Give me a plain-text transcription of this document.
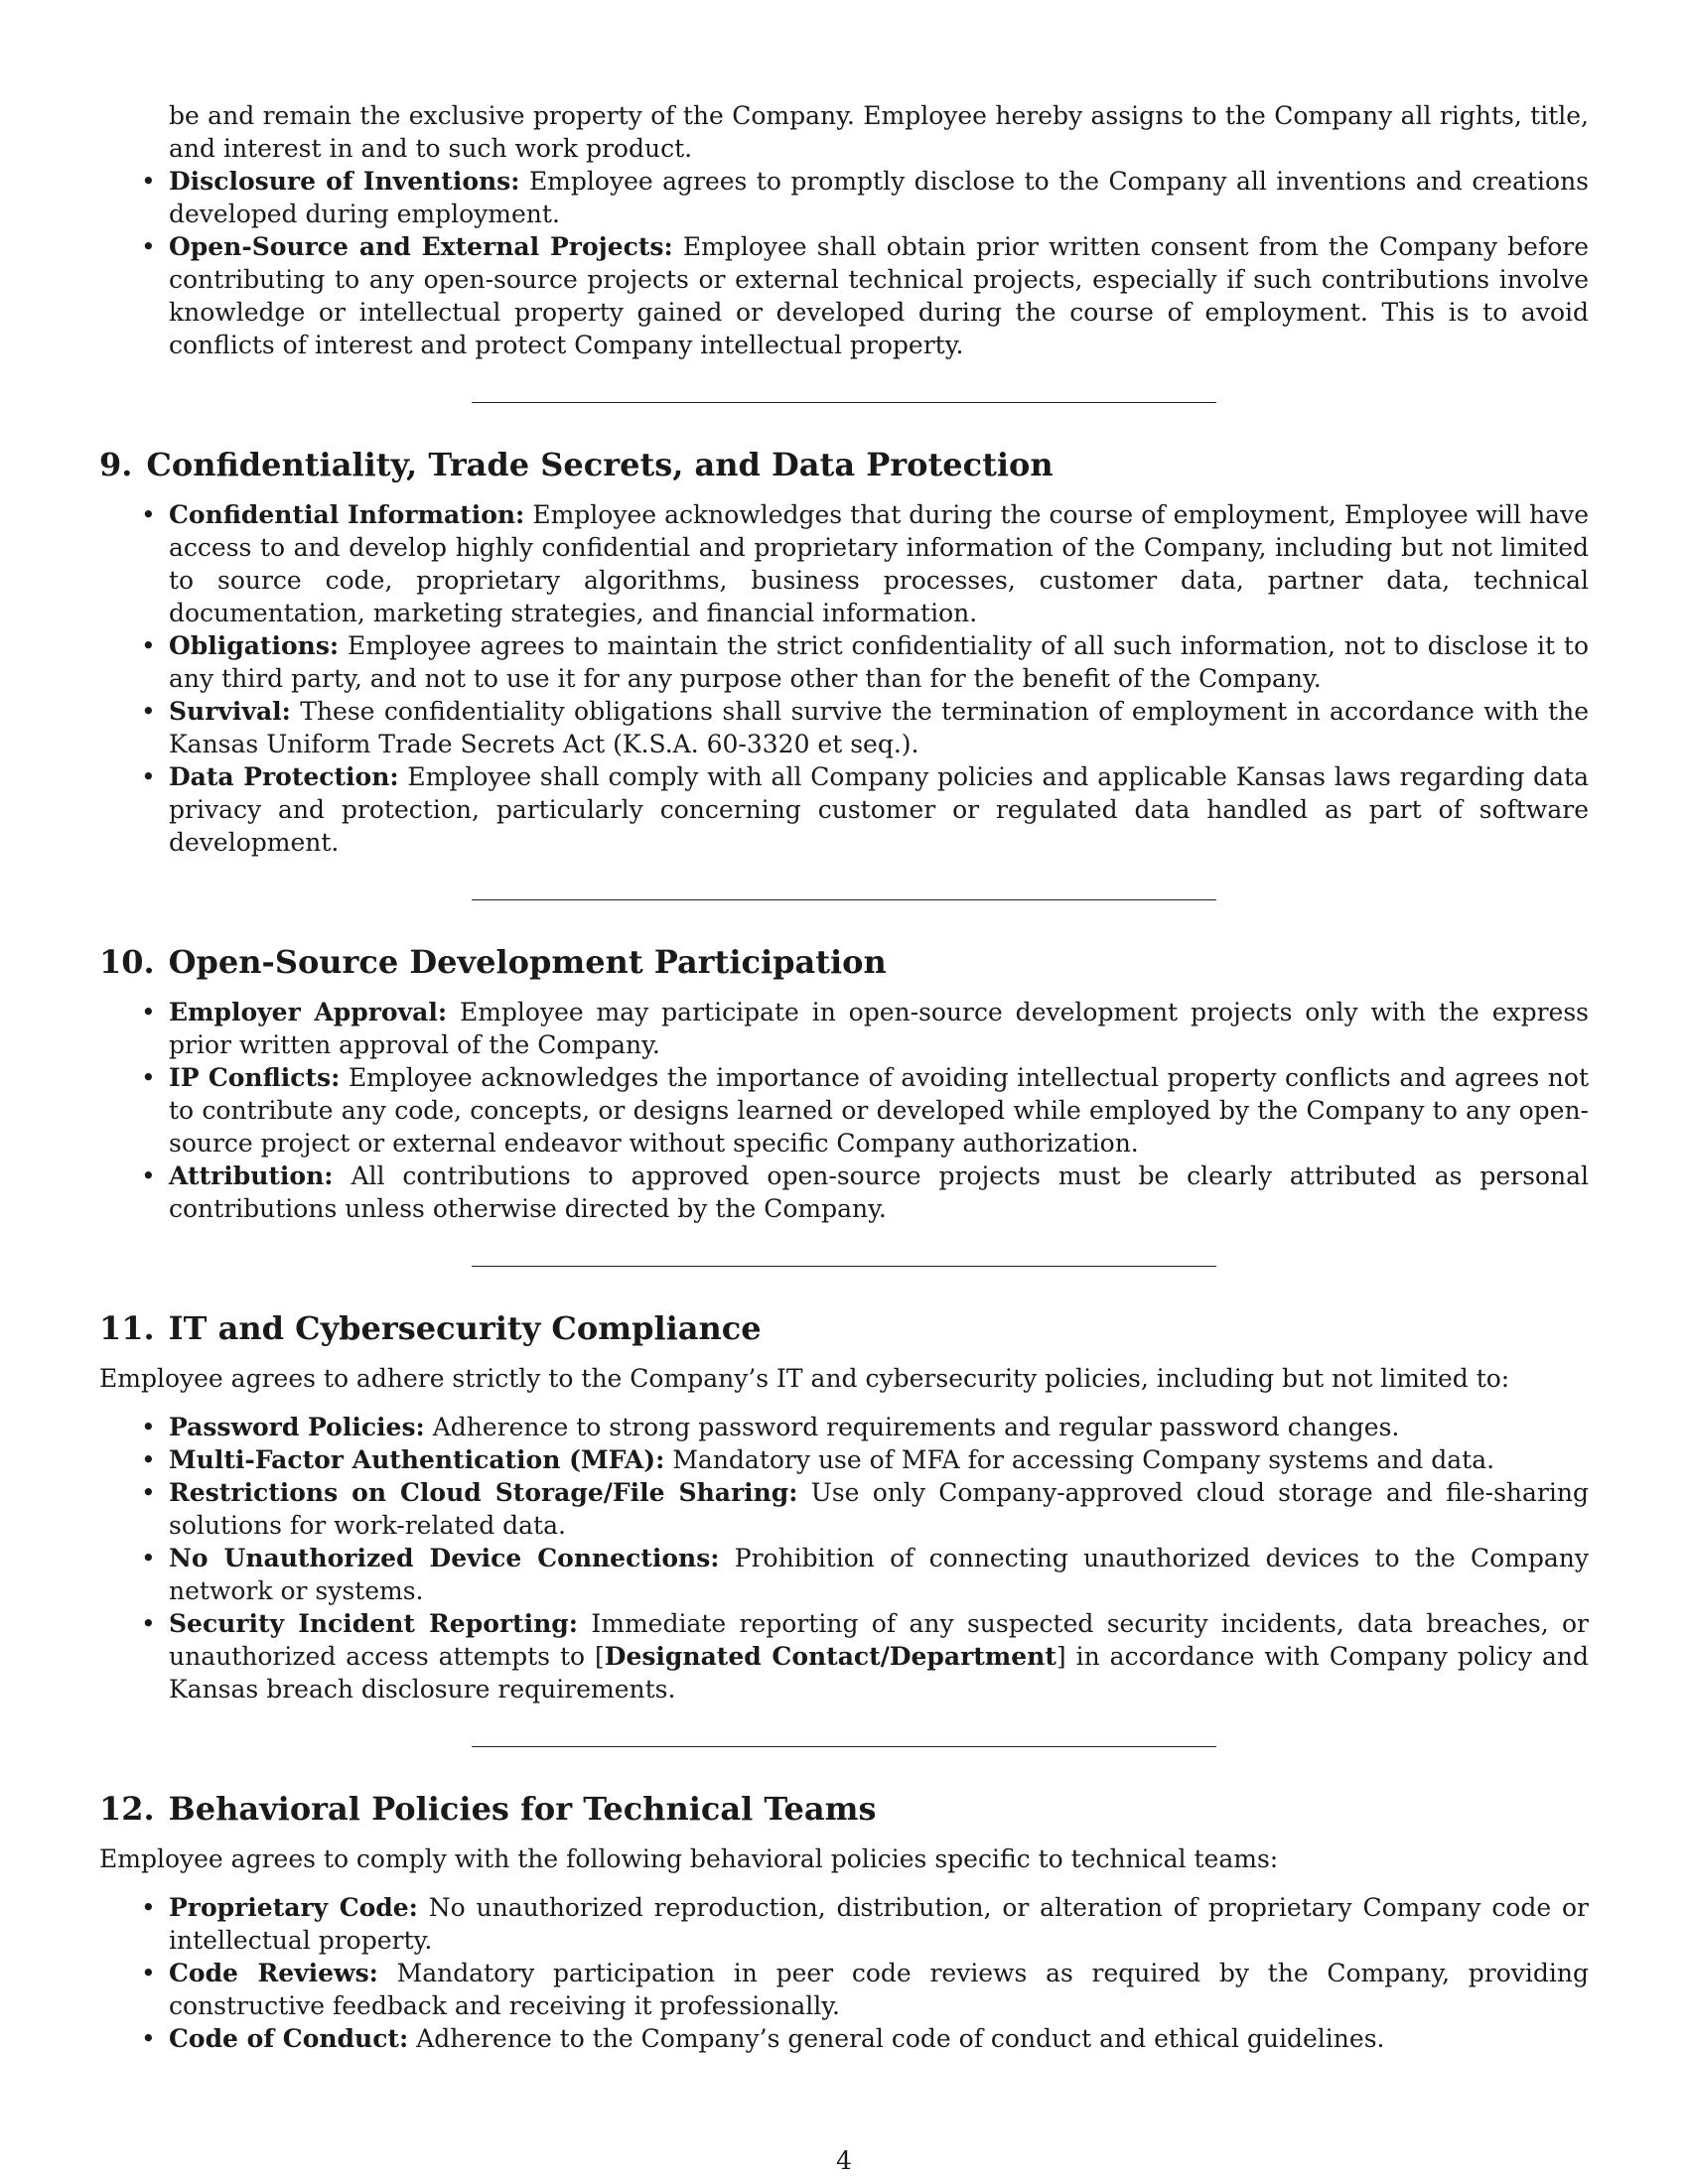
be and remain the exclusive property of the Company. Employee hereby assigns to the Company all rights, title, and interest in and to such work product.

• Disclosure of Inventions: Employee agrees to promptly disclose to the Company all inventions and creations developed during employment.
• Open-Source and External Projects: Employee shall obtain prior written consent from the Company before contributing to any open-source projects or external technical projects, especially if such contributions involve knowledge or intellectual property gained or developed during the course of employment. This is to avoid conflicts of interest and protect Company intellectual property.
9. Confidentiality, Trade Secrets, and Data Protection
• Confidential Information: Employee acknowledges that during the course of employment, Employee will have access to and develop highly confidential and proprietary information of the Company, including but not limited to source code, proprietary algorithms, business processes, customer data, partner data, technical documentation, marketing strategies, and financial information.
• Obligations: Employee agrees to maintain the strict confidentiality of all such information, not to disclose it to any third party, and not to use it for any purpose other than for the benefit of the Company.
• Survival: These confidentiality obligations shall survive the termination of employment in accordance with the Kansas Uniform Trade Secrets Act (K.S.A. 60-3320 et seq.).
• Data Protection: Employee shall comply with all Company policies and applicable Kansas laws regarding data privacy and protection, particularly concerning customer or regulated data handled as part of software development.
10. Open-Source Development Participation
• Employer Approval: Employee may participate in open-source development projects only with the express prior written approval of the Company.
• IP Conflicts: Employee acknowledges the importance of avoiding intellectual property conflicts and agrees not to contribute any code, concepts, or designs learned or developed while employed by the Company to any open-source project or external endeavor without specific Company authorization.
• Attribution: All contributions to approved open-source projects must be clearly attributed as personal contributions unless otherwise directed by the Company.
11. IT and Cybersecurity Compliance

Employee agrees to adhere strictly to the Company’s IT and cybersecurity policies, including but not limited to:

• Password Policies: Adherence to strong password requirements and regular password changes.
• Multi-Factor Authentication (MFA): Mandatory use of MFA for accessing Company systems and data.
• Restrictions on Cloud Storage/File Sharing: Use only Company-approved cloud storage and file-sharing solutions for work-related data.
• No Unauthorized Device Connections: Prohibition of connecting unauthorized devices to the Company network or systems.
• Security Incident Reporting: Immediate reporting of any suspected security incidents, data breaches, or unauthorized access attempts to [Designated Contact/Department] in accordance with Company policy and Kansas breach disclosure requirements.
12. Behavioral Policies for Technical Teams

Employee agrees to comply with the following behavioral policies specific to technical teams:

• Proprietary Code: No unauthorized reproduction, distribution, or alteration of proprietary Company code or intellectual property.
• Code Reviews: Mandatory participation in peer code reviews as required by the Company, providing constructive feedback and receiving it professionally.
• Code of Conduct: Adherence to the Company’s general code of conduct and ethical guidelines.
4
